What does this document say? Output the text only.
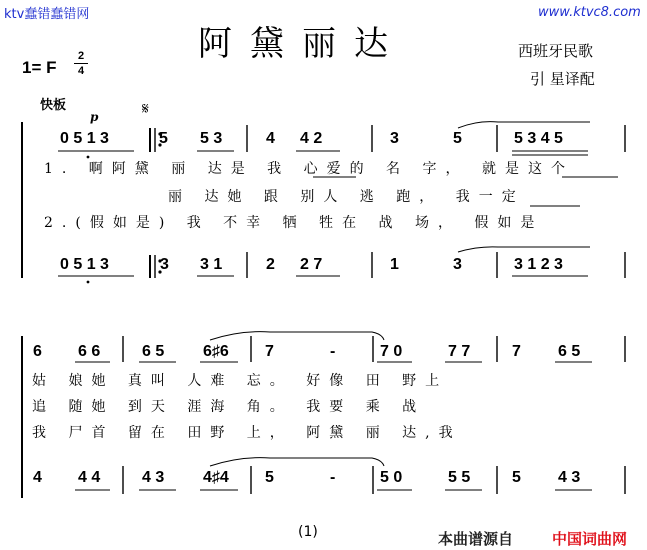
ktv蠢错蠢错网	www.ktvc8.com
阿黛丽达	西班牙民歌
引 星译配
1= F
2
4
快板
p	𝄋
0 5 1 3	5 5 3	4 4 2	3	5	5 3 4 5
0 5 1 3	3 3 1	2 2 7	1	3	3 1 2 3
1. 啊阿黛 丽 达是 我 心爱的 名 字， 就是这个
丽 达她 跟 别人 逃 跑， 我一定
2.(假如是) 我 不幸 牺 牲在 战 场， 假如是
6 6 6	6 5 6♯6 7	-	7 0	7 7	7 6 5
4 4 4	4 3 4♯4 5	-	5 0	5 5	5 4 3
姑 娘她 真叫 人难 忘。 好像 田 野上
追 随她 到天 涯海 角。 我要 乘 战
我 尸首 留在 田野 上， 阿黛 丽 达,我
(1)	本曲谱源自	中国词曲网
